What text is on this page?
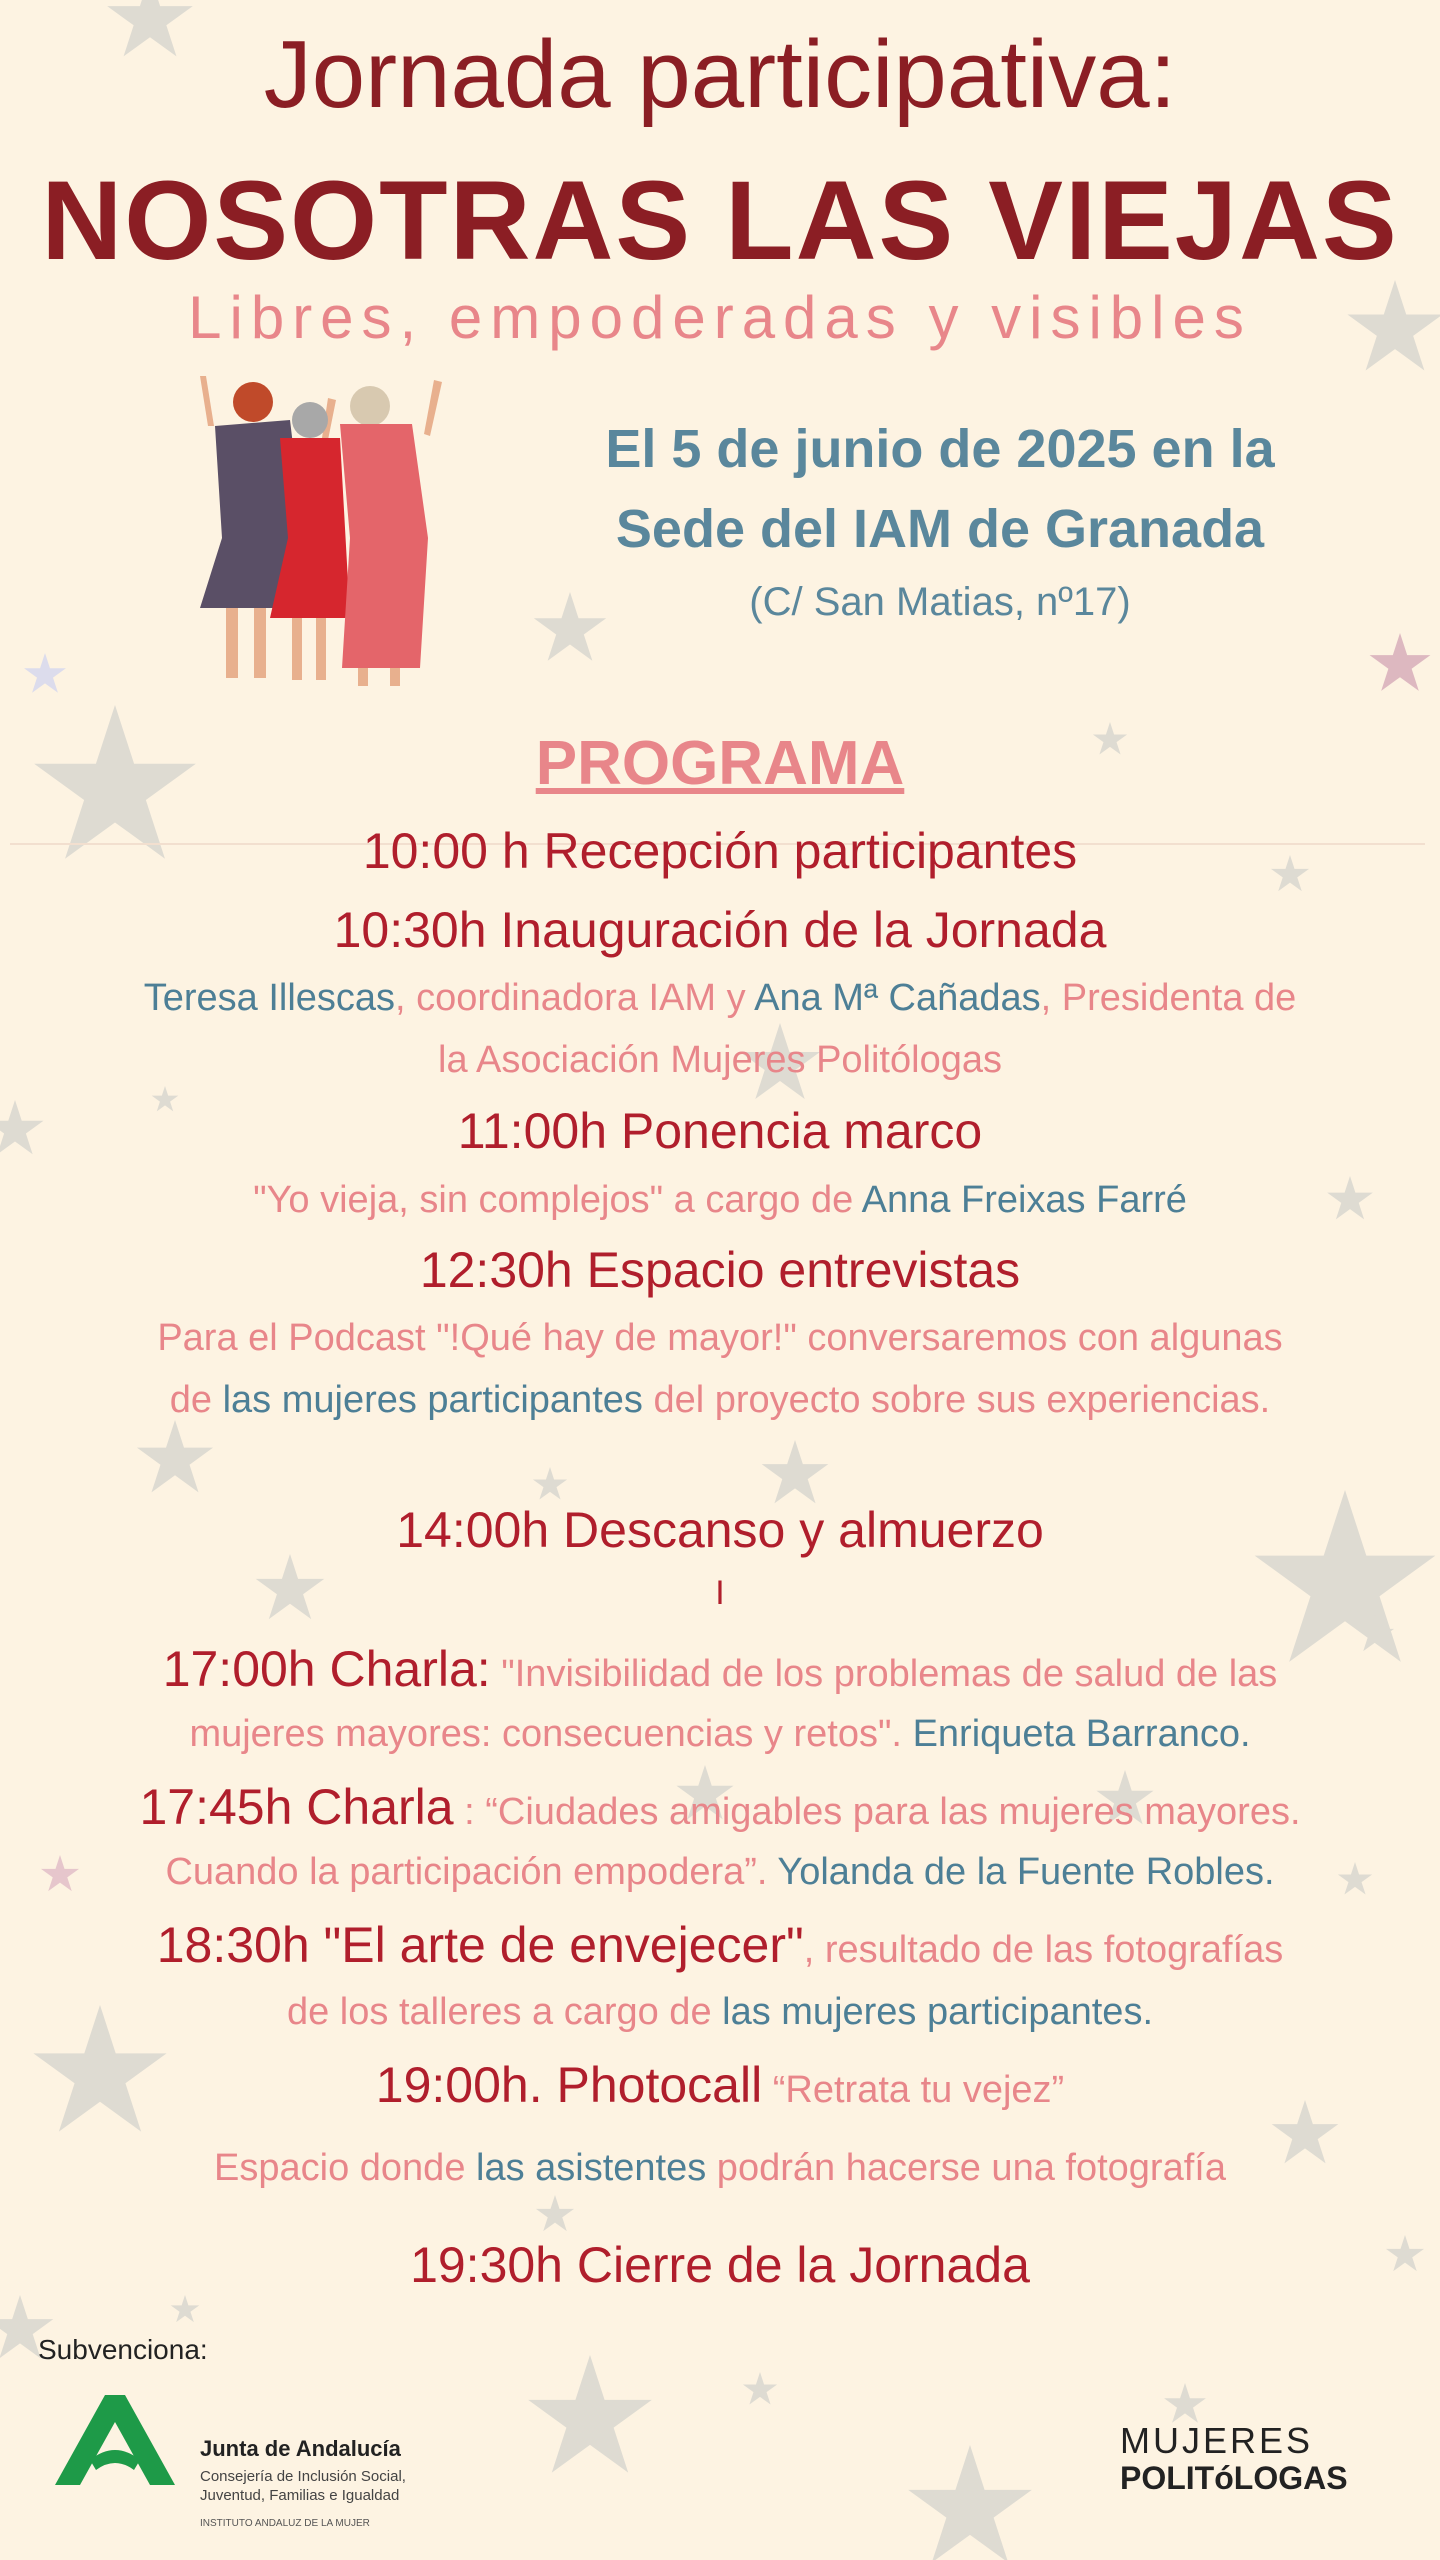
Jornada participativa:
NOSOTRAS LAS VIEJAS
Libres, empoderadas y visibles
El 5 de junio de 2025 en la
Sede del IAM de Granada
(C/ San Matias, nº17)
PROGRAMA
10:00 h Recepción participantes
10:30h Inauguración de la Jornada
Teresa Illescas, coordinadora IAM y Ana Mª Cañadas, Presidenta de
la Asociación Mujeres Politólogas
11:00h Ponencia marco
"Yo vieja, sin complejos" a cargo de Anna Freixas Farré
12:30h Espacio entrevistas
Para el Podcast "!Qué hay de mayor!" conversaremos con algunas
de las mujeres participantes del proyecto sobre sus experiencias.
14:00h Descanso y almuerzo
I
17:00h Charla: "Invisibilidad de los problemas de salud de las
mujeres mayores: consecuencias y retos". Enriqueta Barranco.
17:45h Charla : “Ciudades amigables para las mujeres mayores.
Cuando la participación empodera”. Yolanda de la Fuente Robles.
18:30h "El arte de envejecer", resultado de las fotografías
de los talleres a cargo de las mujeres participantes.
19:00h. Photocall “Retrata tu vejez”
Espacio donde las asistentes podrán hacerse una fotografía
19:30h Cierre de la Jornada
Subvenciona:
Junta de Andalucía
Consejería de Inclusión Social,
Juventud, Familias e Igualdad
INSTITUTO ANDALUZ DE LA MUJER
MUJERES
POLITóLOGAS
